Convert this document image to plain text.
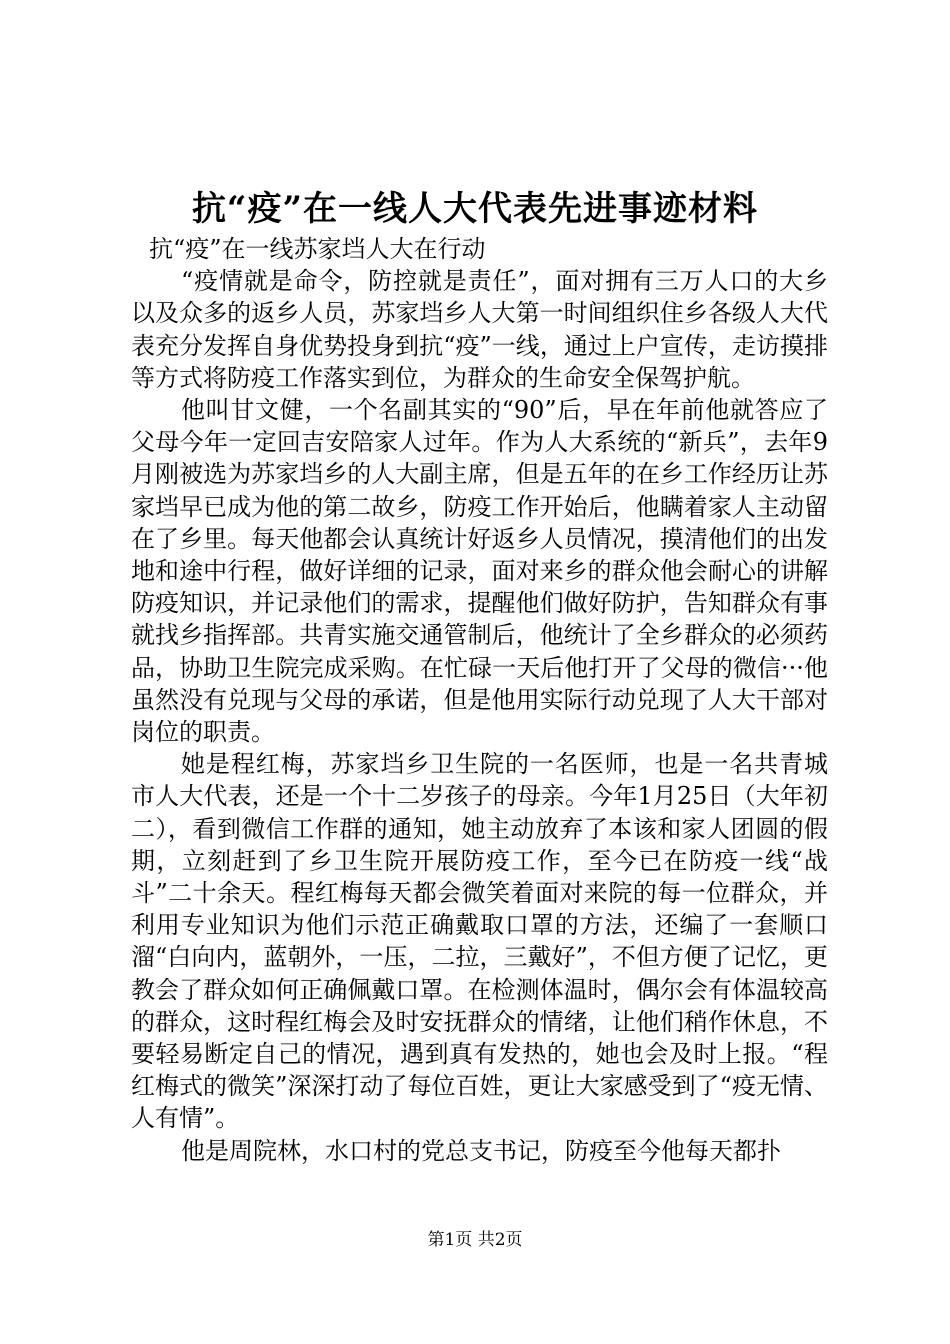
抗“疫”在一线人大代表先进事迹材料

抗“疫”在一线苏家垱人大在行动

“疫情就是命令，防控就是责任”，面对拥有三万人口的大乡以及众多的返乡人员，苏家垱乡人大第一时间组织住乡各级人大代表充分发挥自身优势投身到抗“疫”一线，通过上户宣传，走访摸排等方式将防疫工作落实到位，为群众的生命安全保驾护航。

他叫甘文健，一个名副其实的“90”后，早在年前他就答应了父母今年一定回吉安陪家人过年。作为人大系统的“新兵”，去年9月刚被选为苏家垱乡的人大副主席，但是五年的在乡工作经历让苏家垱早已成为他的第二故乡，防疫工作开始后，他瞒着家人主动留在了乡里。每天他都会认真统计好返乡人员情况，摸清他们的出发地和途中行程，做好详细的记录，面对来乡的群众他会耐心的讲解防疫知识，并记录他们的需求，提醒他们做好防护，告知群众有事就找乡指挥部。共青实施交通管制后，他统计了全乡群众的必须药品，协助卫生院完成采购。在忙碌一天后他打开了父母的微信···他虽然没有兑现与父母的承诺，但是他用实际行动兑现了人大干部对岗位的职责。

她是程红梅，苏家垱乡卫生院的一名医师，也是一名共青城市人大代表，还是一个十二岁孩子的母亲。今年1月25日（大年初二），看到微信工作群的通知，她主动放弃了本该和家人团圆的假期，立刻赶到了乡卫生院开展防疫工作，至今已在防疫一线“战斗”二十余天。程红梅每天都会微笑着面对来院的每一位群众，并利用专业知识为他们示范正确戴取口罩的方法，还编了一套顺口溜“白向内，蓝朝外，一压，二拉，三戴好”，不但方便了记忆，更教会了群众如何正确佩戴口罩。在检测体温时，偶尔会有体温较高的群众，这时程红梅会及时安抚群众的情绪，让他们稍作休息，不要轻易断定自己的情况，遇到真有发热的，她也会及时上报。“程红梅式的微笑”深深打动了每位百姓，更让大家感受到了“疫无情、人有情”。

他是周院林，水口村的党总支书记，防疫至今他每天都扑

第1页 共2页
